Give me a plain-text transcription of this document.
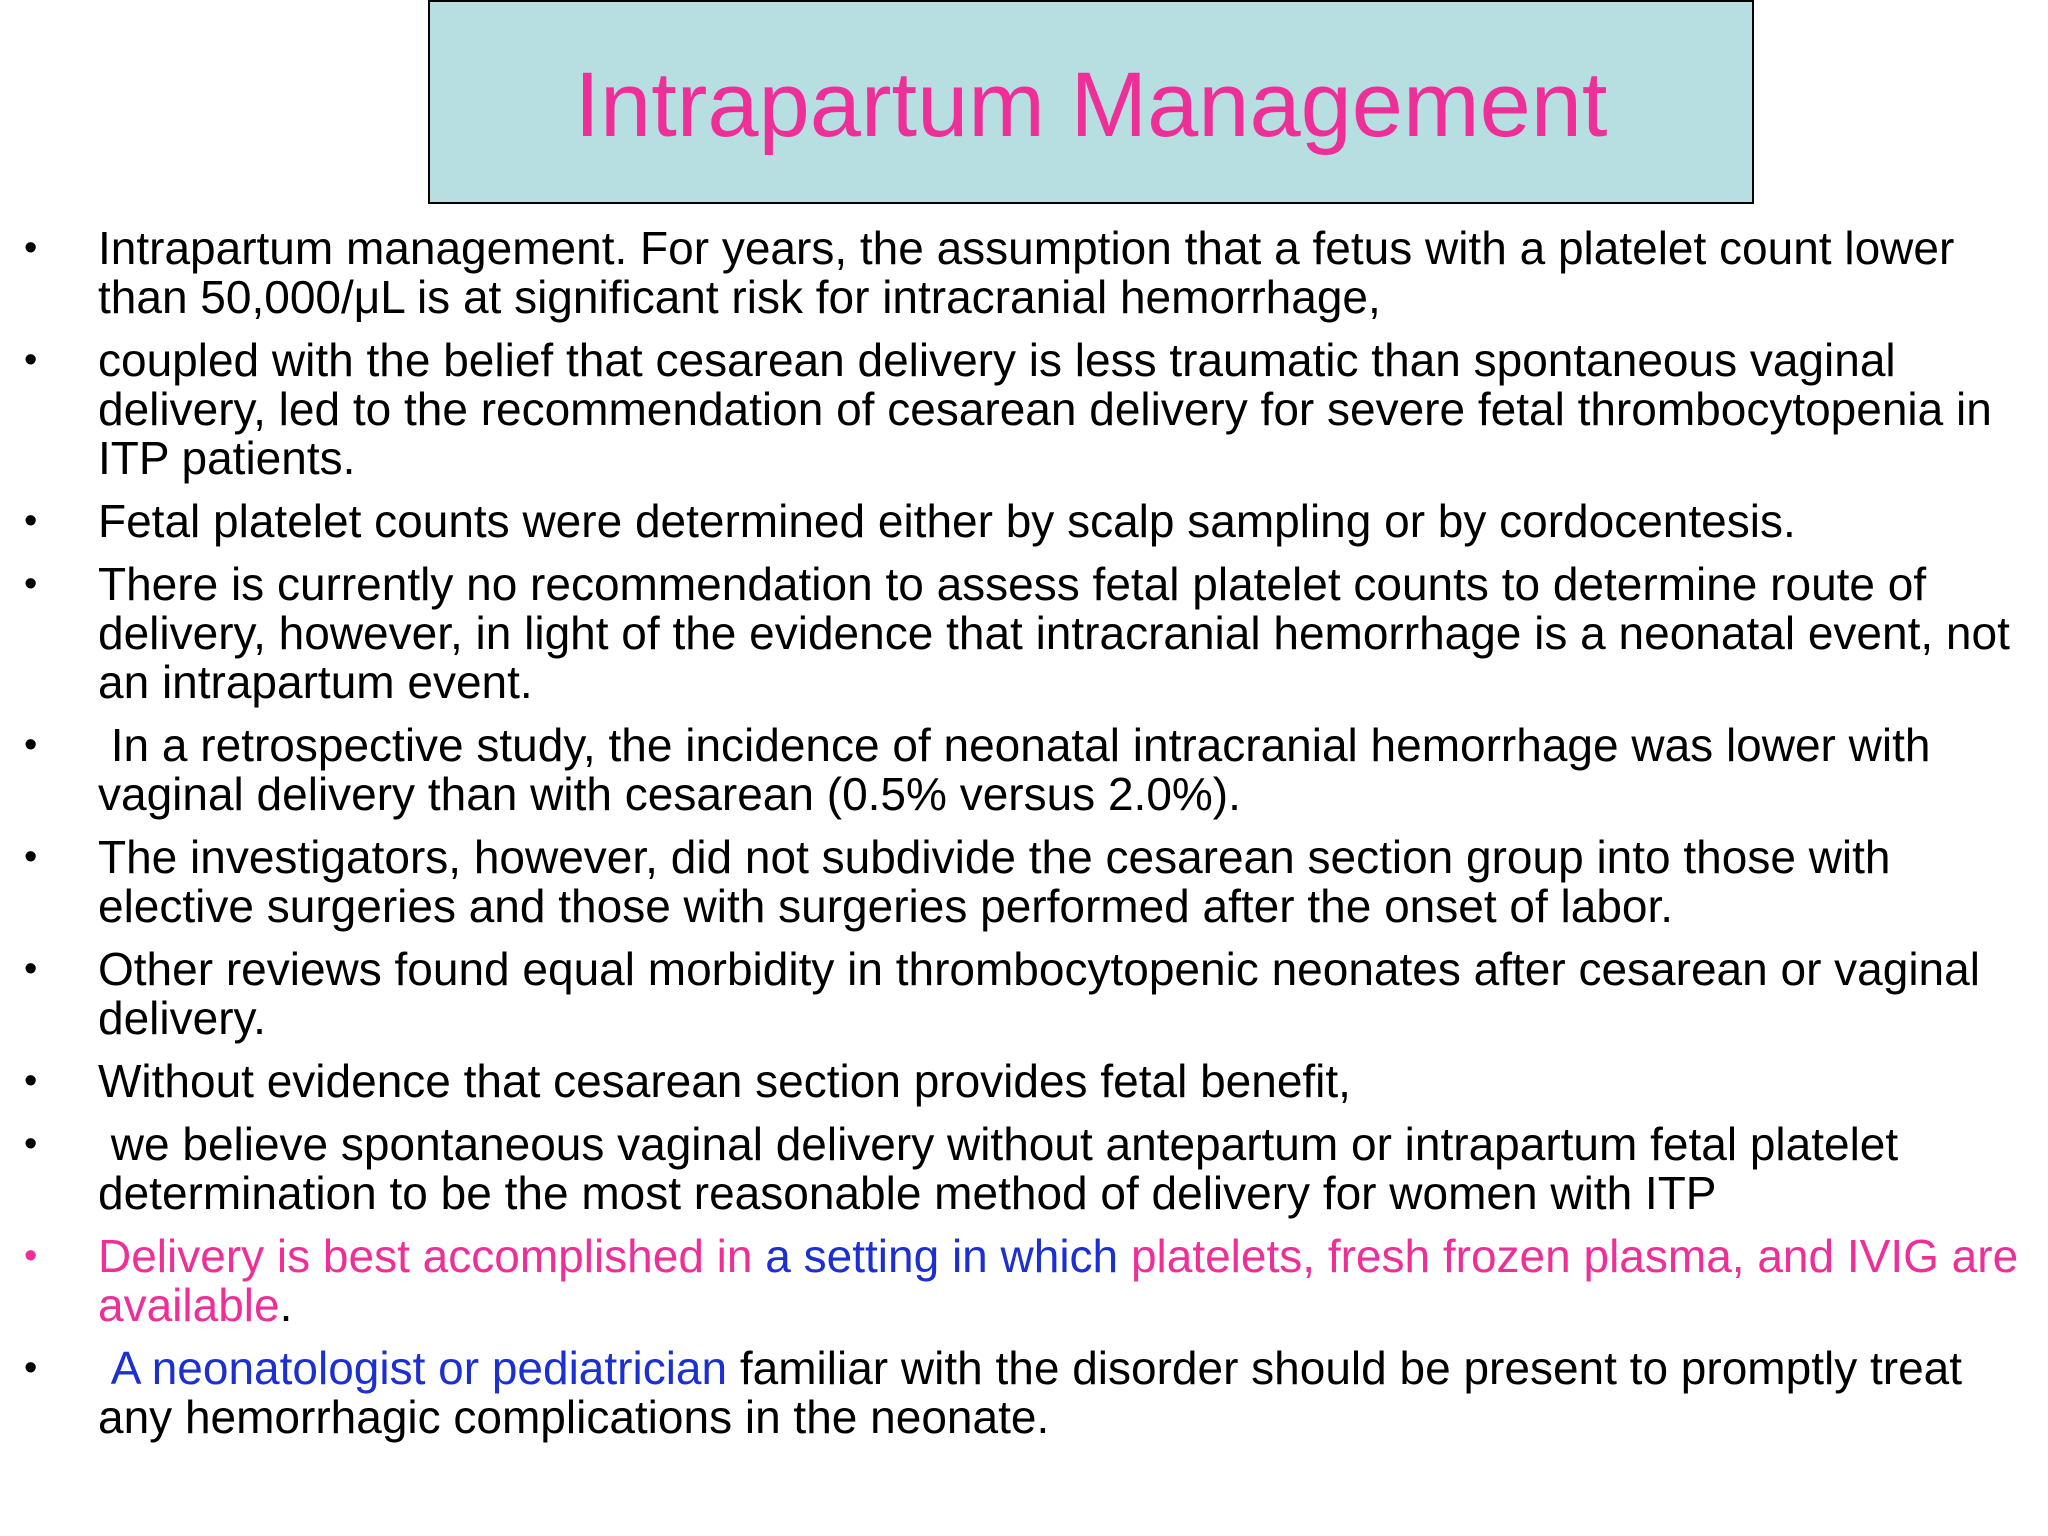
Intrapartum Management
• Intrapartum management. For years, the assumption that a fetus with a platelet count lower than 50,000/μL is at significant risk for intracranial hemorrhage,
• coupled with the belief that cesarean delivery is less traumatic than spontaneous vaginal delivery, led to the recommendation of cesarean delivery for severe fetal thrombocytopenia in ITP patients.
• Fetal platelet counts were determined either by scalp sampling or by cordocentesis.
• There is currently no recommendation to assess fetal platelet counts to determine route of delivery, however, in light of the evidence that intracranial hemorrhage is a neonatal event, not an intrapartum event.
• In a retrospective study, the incidence of neonatal intracranial hemorrhage was lower with vaginal delivery than with cesarean (0.5% versus 2.0%).
• The investigators, however, did not subdivide the cesarean section group into those with elective surgeries and those with surgeries performed after the onset of labor.
• Other reviews found equal morbidity in thrombocytopenic neonates after cesarean or vaginal delivery.
• Without evidence that cesarean section provides fetal benefit,
• we believe spontaneous vaginal delivery without antepartum or intrapartum fetal platelet determination to be the most reasonable method of delivery for women with ITP
• Delivery is best accomplished in a setting in which platelets, fresh frozen plasma, and IVIG are available.
• A neonatologist or pediatrician familiar with the disorder should be present to promptly treat any hemorrhagic complications in the neonate.
